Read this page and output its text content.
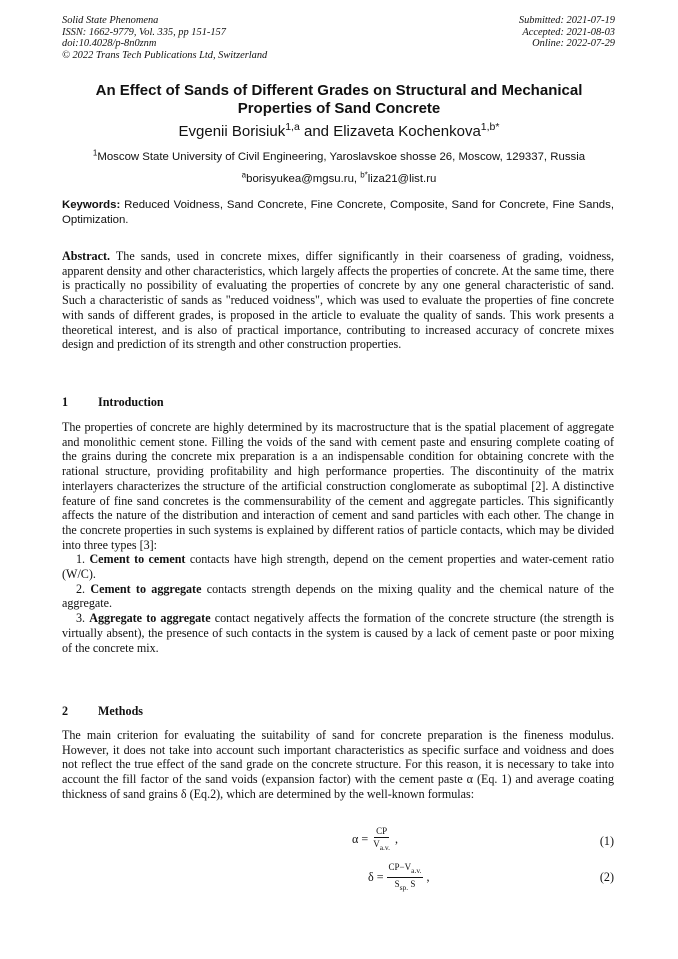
Solid State Phenomena
ISSN: 1662-9779, Vol. 335, pp 151-157
doi:10.4028/p-8n0znm
© 2022 Trans Tech Publications Ltd, Switzerland
Submitted: 2021-07-19
Accepted: 2021-08-03
Online: 2022-07-29
An Effect of Sands of Different Grades on Structural and Mechanical Properties of Sand Concrete
Evgenii Borisiuk$^{1,a}$ and Elizaveta Kochenkova$^{1,b*}$
$^1$Moscow State University of Civil Engineering, Yaroslavskoe shosse 26, Moscow, 129337, Russia
$^a$borisyukea@mgsu.ru, $^{b*}$liza21@list.ru

Keywords: Reduced Voidness, Sand Concrete, Fine Concrete, Composite, Sand for Concrete, Fine Sands, Optimization.

Abstract. The sands, used in concrete mixes, differ significantly in their coarseness of grading, voidness, apparent density and other characteristics, which largely affects the properties of concrete. At the same time, there is practically no possibility of evaluating the properties of concrete by any one general characteristic of sand. Such a characteristic of sands as "reduced voidness", which was used to evaluate the properties of fine concrete with sands of different grades, is proposed in the article to evaluate the quality of sands. This work presents a theoretical interest, and is also of practical importance, contributing to increased accuracy of concrete mixes design and prediction of its strength and other construction properties.

1 Introduction
The properties of concrete are highly determined by its macrostructure that is the spatial placement of aggregate and monolithic cement stone. Filling the voids of the sand with cement paste and ensuring complete coating of the grains during the concrete mix preparation is a an indispensable condition for obtaining concrete with the rational structure, providing profitability and high performance properties. The discontinuity of the matrix interlayers characterizes the structure of the artificial construction conglomerate as suboptimal [2]. A distinctive feature of fine sand concretes is the commensurability of the cement and aggregate particles. This significantly affects the nature of the distribution and interaction of cement and sand particles with each other. The change in the concrete properties in such systems is explained by different ratios of particle contacts, which may be divided into three types [3]:
1. Cement to cement contacts have high strength, depend on the cement properties and water-cement ratio (W/C).
2. Cement to aggregate contacts strength depends on the mixing quality and the chemical nature of the aggregate.
3. Aggregate to aggregate contact negatively affects the formation of the concrete structure (the strength is virtually absent), the presence of such contacts in the system is caused by a lack of cement paste or poor mixing of the concrete mix.
2 Methods

The main criterion for evaluating the suitability of sand for concrete preparation is the fineness modulus. However, it does not take into account such important characteristics as specific surface and voidness and does not reflect the true effect of the sand grade on the concrete structure. For this reason, it is necessary to take into account the fill factor of the sand voids (expansion factor) with the cement paste α (Eq. 1) and average coating thickness of sand grains δ (Eq.2), which are determined by the well-known formulas:

$\alpha = \frac{CP}{V_{a.v.}}$ ,	(1)
$\delta = \frac{CP-V_{a.v.}}{S_{sp.} S}$ ,	(2)
